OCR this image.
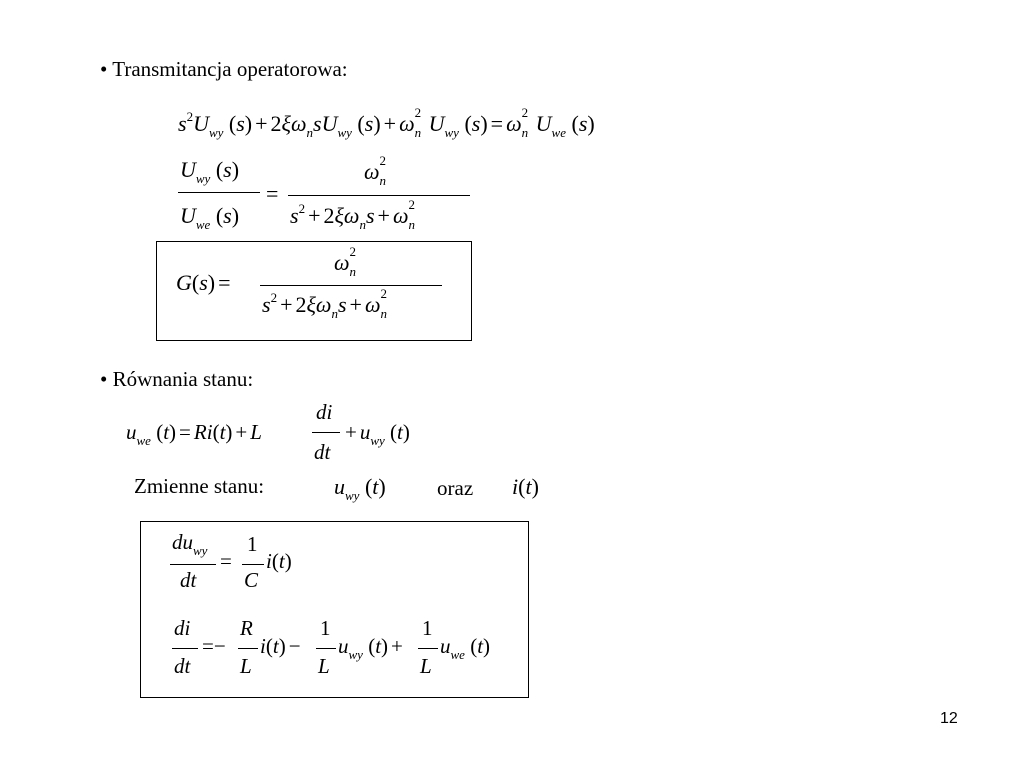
• Transmitancja operatorowa:
$s^2U_{wy}$ $(s) + 2\xi\omega_nsU_{wy}$ (s) + ω 2
n $U_{wy}$ (s) = ω 2
n $U_{we}$ (s)
$U_{wy}$ (s)
$U_{we}$ (s)
=
ω 2
n
$s^2 + 2\xi\omega_ns + \omega$ 2
n
G(s) =
ω 2
n
$s^2 + 2\xi\omega_ns + \omega$ 2
n
• Równania stanu:
$u_{we}$ (t) = Ri(t) + L
di
dt
+ $u_{wy}$ (t)
Zmienne stanu:	$u_{wy}$ (t) oraz i(t)
$du_{wy}$
dt
=
1
C
i(t)
di
dt
=−
R
L
i(t) −
1
L
$u_{wy}$ (t) +
1
L
$u_{we}$ (t)
12
